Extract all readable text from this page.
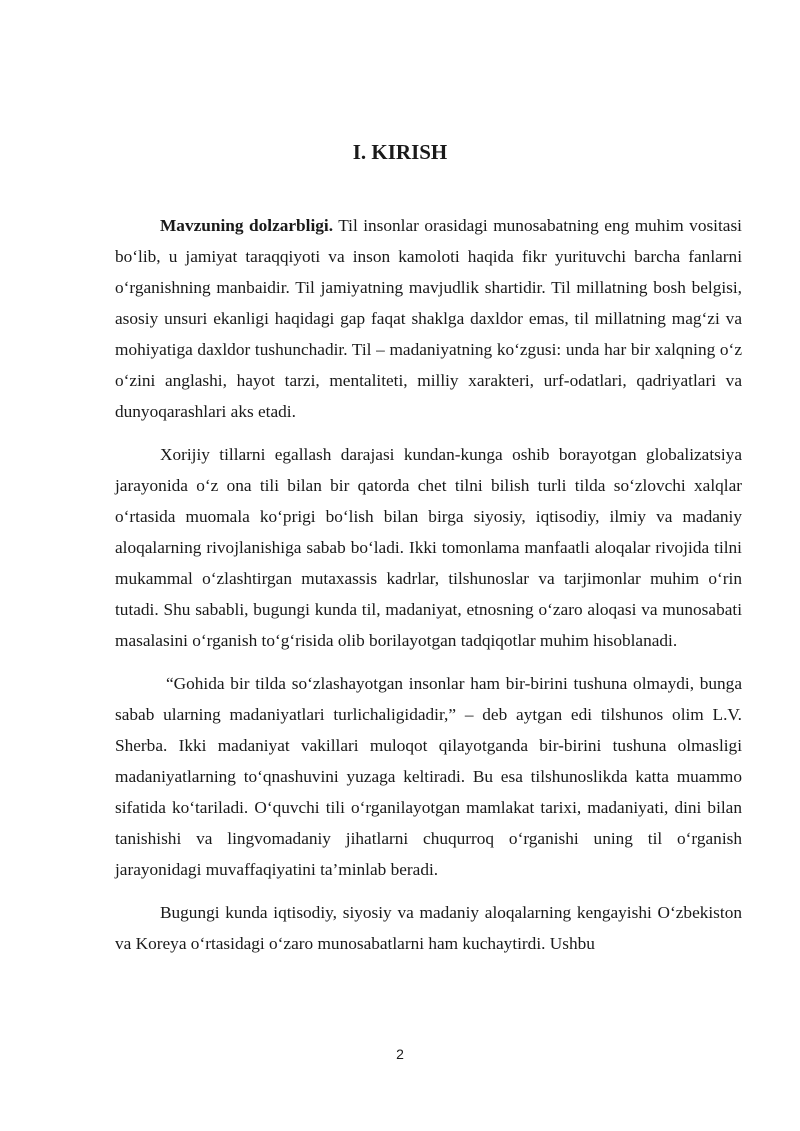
I. KIRISH

Mavzuning dolzarbligi. Til insonlar orasidagi munosabatning eng muhim vositasi bo‘lib, u jamiyat taraqqiyoti va inson kamoloti haqida fikr yurituvchi barcha fanlarni o‘rganishning manbaidir. Til jamiyatning mavjudlik shartidir. Til millatning bosh belgisi, asosiy unsuri ekanligi haqidagi gap faqat shaklga daxldor emas, til millatning mag‘zi va mohiyatiga daxldor tushunchadir. Til – madaniyatning ko‘zgusi: unda har bir xalqning o‘z o‘zini anglashi, hayot tarzi, mentaliteti, milliy xarakteri, urf-odatlari, qadriyatlari va dunyoqarashlari aks etadi.

Xorijiy tillarni egallash darajasi kundan-kunga oshib borayotgan globalizatsiya jarayonida o‘z ona tili bilan bir qatorda chet tilni bilish turli tilda so‘zlovchi xalqlar o‘rtasida muomala ko‘prigi bo‘lish bilan birga siyosiy, iqtisodiy, ilmiy va madaniy aloqalarning rivojlanishiga sabab bo‘ladi. Ikki tomonlama manfaatli aloqalar rivojida tilni mukammal o‘zlashtirgan mutaxassis kadrlar, tilshunoslar va tarjimonlar muhim o‘rin tutadi. Shu sababli, bugungi kunda til, madaniyat, etnosning o‘zaro aloqasi va munosabati masalasini o‘rganish to‘g‘risida olib borilayotgan tadqiqotlar muhim hisoblanadi.

“Gohida bir tilda so‘zlashayotgan insonlar ham bir-birini tushuna olmaydi, bunga sabab ularning madaniyatlari turlichaligidadir,” – deb aytgan edi tilshunos olim L.V. Sherba. Ikki madaniyat vakillari muloqot qilayotganda bir-birini tushuna olmasligi madaniyatlarning to‘qnashuvini yuzaga keltiradi. Bu esa tilshunoslikda katta muammo sifatida ko‘tariladi. O‘quvchi tili o‘rganilayotgan mamlakat tarixi, madaniyati, dini bilan tanishishi va lingvomadaniy jihatlarni chuqurroq o‘rganishi uning til o‘rganish jarayonidagi muvaffaqiyatini ta’minlab beradi.

Bugungi kunda iqtisodiy, siyosiy va madaniy aloqalarning kengayishi O‘zbekiston va Koreya o‘rtasidagi o‘zaro munosabatlarni ham kuchaytirdi. Ushbu

2
